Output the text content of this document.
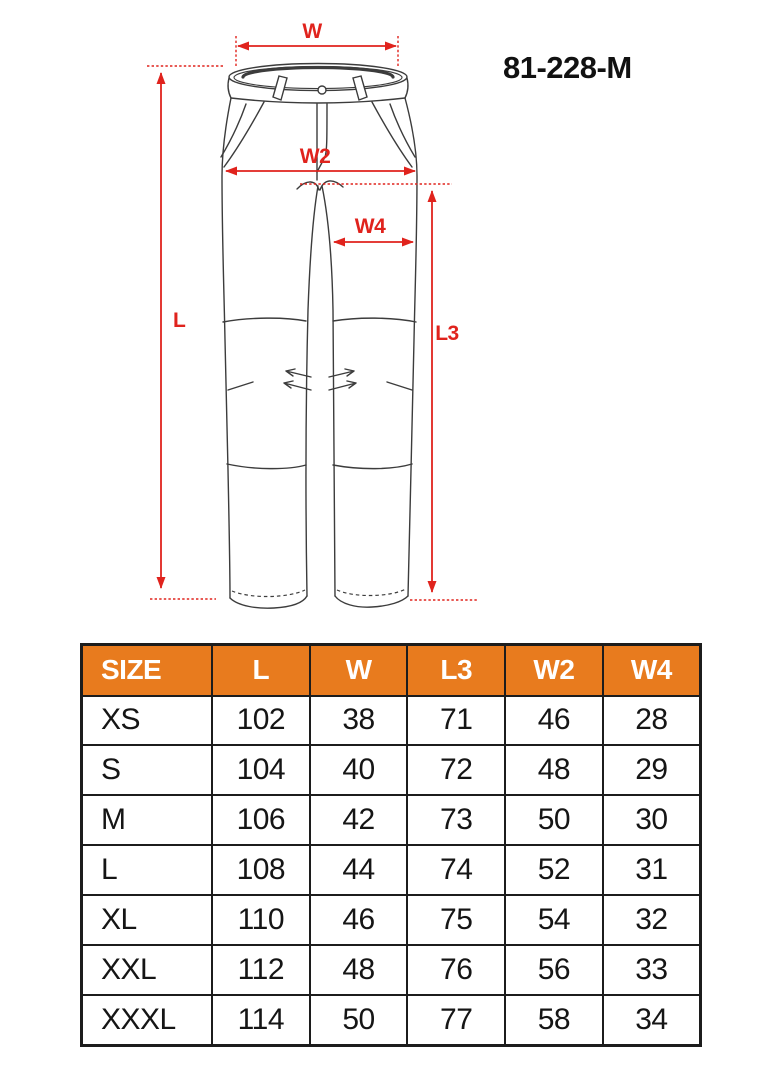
W
L
W2
W4
L3
81-228-M
SIZE	L	W	L3	W2	W4
XS	102	38	71	46	28
S	104	40	72	48	29
M	106	42	73	50	30
L	108	44	74	52	31
XL	110	46	75	54	32
XXL	112	48	76	56	33
XXXL	114	50	77	58	34
